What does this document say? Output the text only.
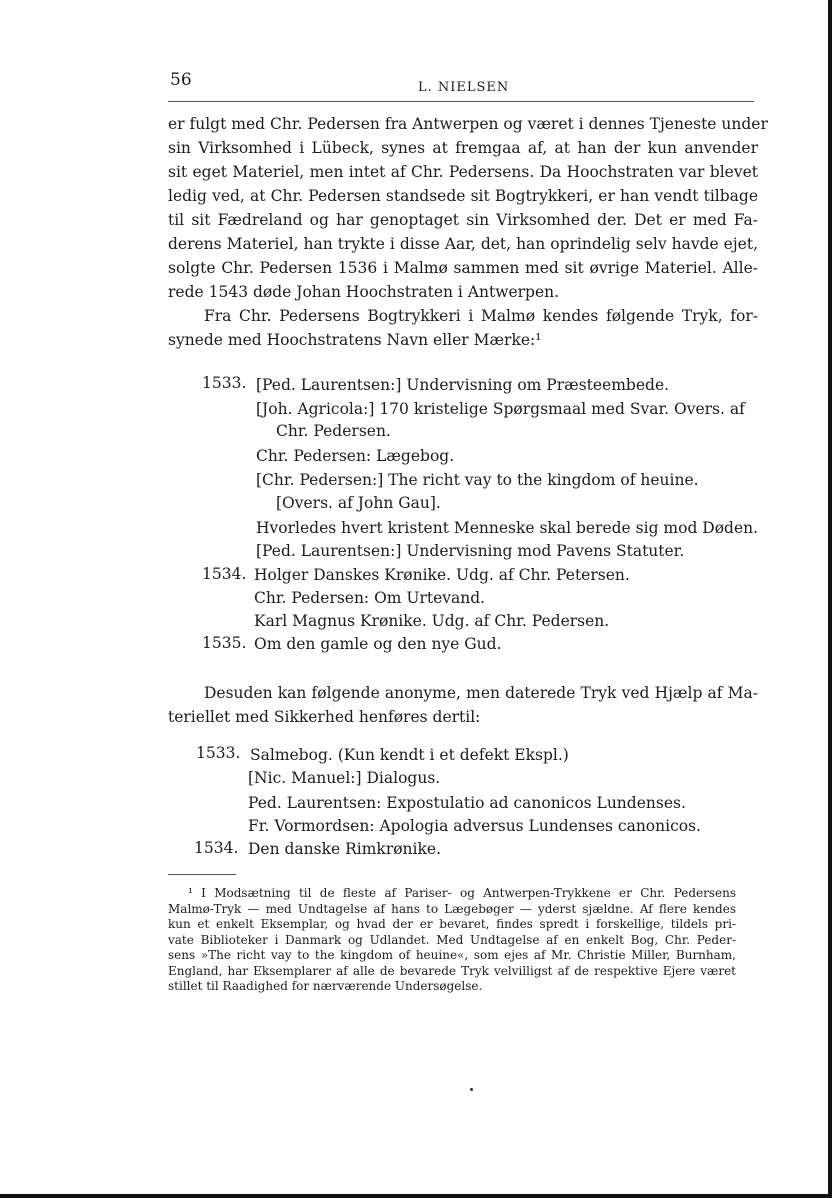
56	L. NIELSEN

er fulgt med Chr. Pedersen fra Antwerpen og været i dennes Tjeneste under
sin Virksomhed i Lübeck, synes at fremgaa af, at han der kun anvender
sit eget Materiel, men intet af Chr. Pedersens. Da Hoochstraten var blevet
ledig ved, at Chr. Pedersen standsede sit Bogtrykkeri, er han vendt tilbage
til sit Fædreland og har genoptaget sin Virksomhed der. Det er med Fa-
derens Materiel, han trykte i disse Aar, det, han oprindelig selv havde ejet,
solgte Chr. Pedersen 1536 i Malmø sammen med sit øvrige Materiel. Alle-
rede 1543 døde Johan Hoochstraten i Antwerpen.

Fra Chr. Pedersens Bogtrykkeri i Malmø kendes følgende Tryk, for-
synede med Hoochstratens Navn eller Mærke:¹

1533.
1534.
1535.
[Ped. Laurentsen:] Undervisning om Præsteembede.
[Joh. Agricola:] 170 kristelige Spørgsmaal med Svar. Overs. af
Chr. Pedersen.
Chr. Pedersen: Lægebog.
[Chr. Pedersen:] The richt vay to the kingdom of heuine.
[Overs. af John Gau].
Hvorledes hvert kristent Menneske skal berede sig mod Døden.
[Ped. Laurentsen:] Undervisning mod Pavens Statuter.
Holger Danskes Krønike. Udg. af Chr. Petersen.
Chr. Pedersen: Om Urtevand.
Karl Magnus Krønike. Udg. af Chr. Pedersen.
Om den gamle og den nye Gud.

Desuden kan følgende anonyme, men daterede Tryk ved Hjælp af Ma-
teriellet med Sikkerhed henføres dertil:

1533.
1534.
Salmebog. (Kun kendt i et defekt Ekspl.)
[Nic. Manuel:] Dialogus.
Ped. Laurentsen: Expostulatio ad canonicos Lundenses.
Fr. Vormordsen: Apologia adversus Lundenses canonicos.
Den danske Rimkrønike.

¹ I Modsætning til de fleste af Pariser- og Antwerpen-Trykkene er Chr. Pedersens
Malmø-Tryk — med Undtagelse af hans to Lægebøger — yderst sjældne. Af flere kendes
kun et enkelt Eksemplar, og hvad der er bevaret, findes spredt i forskellige, tildels pri-
vate Biblioteker i Danmark og Udlandet. Med Undtagelse af en enkelt Bog, Chr. Peder-
sens »The richt vay to the kingdom of heuine«, som ejes af Mr. Christie Miller, Burnham,
England, har Eksemplarer af alle de bevarede Tryk velvilligst af de respektive Ejere været
stillet til Raadighed for nærværende Undersøgelse.
